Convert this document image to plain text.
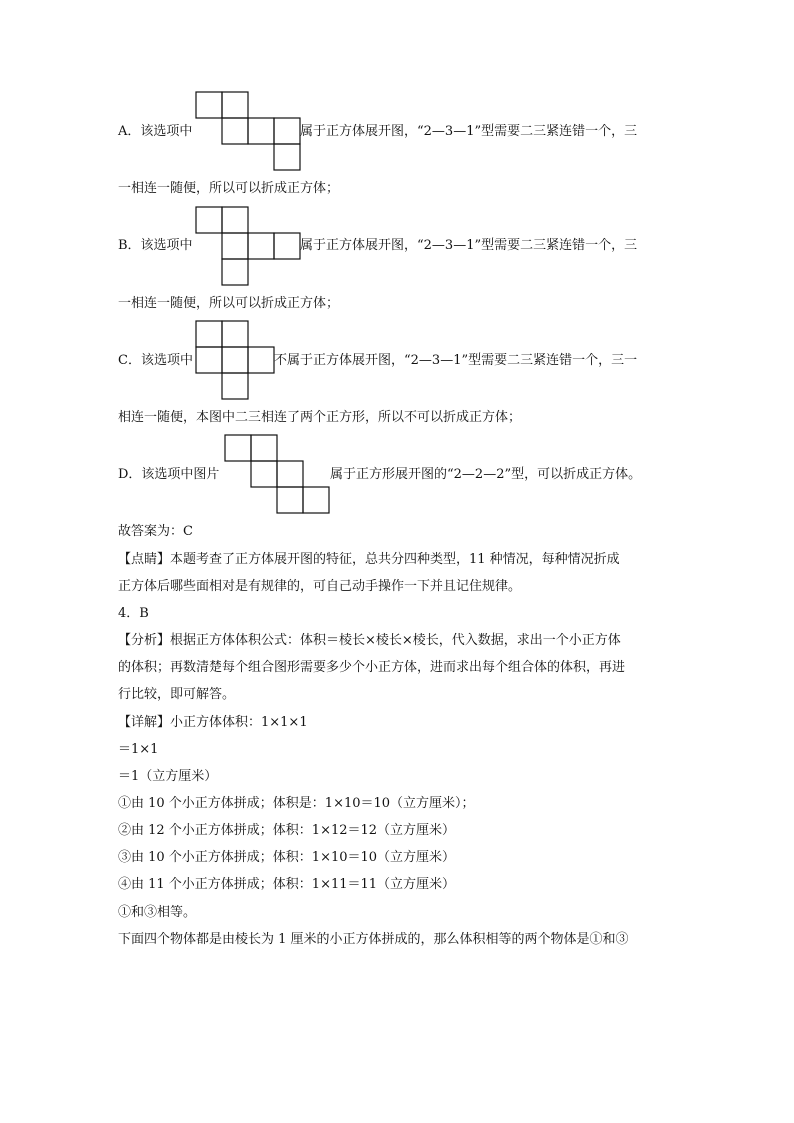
A．该选项中	属于正方体展开图，“2—3—1”型需要二三紧连错一个，三
一相连一随便，所以可以折成正方体；
B．该选项中	属于正方体展开图，“2—3—1”型需要二三紧连错一个，三
一相连一随便，所以可以折成正方体；
C．该选项中	不属于正方体展开图，“2—3—1”型需要二三紧连错一个，三一
相连一随便，本图中二三相连了两个正方形，所以不可以折成正方体；
D．该选项中图片	属于正方形展开图的“2—2—2”型，可以折成正方体。
故答案为：C
【点睛】本题考查了正方体展开图的特征，总共分四种类型，11 种情况，每种情况折成
正方体后哪些面相对是有规律的，可自己动手操作一下并且记住规律。
4．B
【分析】根据正方体体积公式：体积＝棱长×棱长×棱长，代入数据，求出一个小正方体
的体积；再数清楚每个组合图形需要多少个小正方体，进而求出每个组合体的体积，再进
行比较，即可解答。
【详解】小正方体体积：1×1×1
＝1×1
＝1（立方厘米）
①由 10 个小正方体拼成；体积是：1×10＝10（立方厘米）；
②由 12 个小正方体拼成；体积：1×12＝12（立方厘米）
③由 10 个小正方体拼成；体积：1×10＝10（立方厘米）
④由 11 个小正方体拼成；体积：1×11＝11（立方厘米）
①和③相等。
下面四个物体都是由棱长为 1 厘米的小正方体拼成的，那么体积相等的两个物体是①和③
